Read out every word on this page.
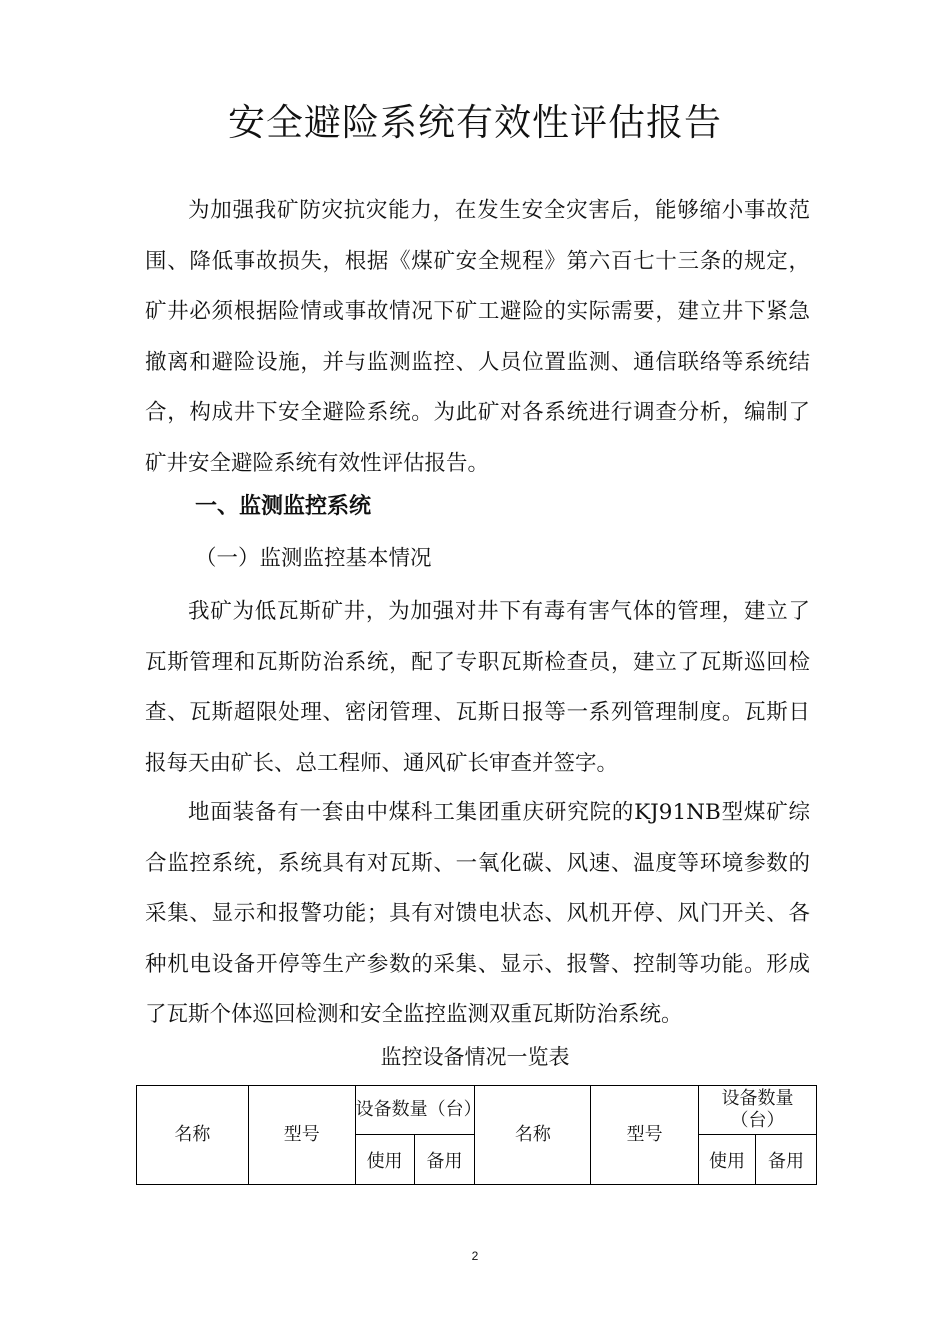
安全避险系统有效性评估报告

为加强我矿防灾抗灾能力，在发生安全灾害后，能够缩小事故范围、降低事故损失，根据《煤矿安全规程》第六百七十三条的规定，矿井必须根据险情或事故情况下矿工避险的实际需要，建立井下紧急撤离和避险设施，并与监测监控、人员位置监测、通信联络等系统结合，构成井下安全避险系统。为此矿对各系统进行调查分析，编制了矿井安全避险系统有效性评估报告。

一、监测监控系统
（一）监测监控基本情况

我矿为低瓦斯矿井，为加强对井下有毒有害气体的管理，建立了瓦斯管理和瓦斯防治系统，配了专职瓦斯检查员，建立了瓦斯巡回检查、瓦斯超限处理、密闭管理、瓦斯日报等一系列管理制度。瓦斯日报每天由矿长、总工程师、通风矿长审查并签字。

地面装备有一套由中煤科工集团重庆研究院的KJ91NB型煤矿综合监控系统，系统具有对瓦斯、一氧化碳、风速、温度等环境参数的采集、显示和报警功能；具有对馈电状态、风机开停、风门开关、各种机电设备开停等生产参数的采集、显示、报警、控制等功能。形成了瓦斯个体巡回检测和安全监控监测双重瓦斯防治系统。

监控设备情况一览表
名称	型号	设备数量（台）		名称	型号	设备数量（台）	
		使用	备用			使用	备用
2
